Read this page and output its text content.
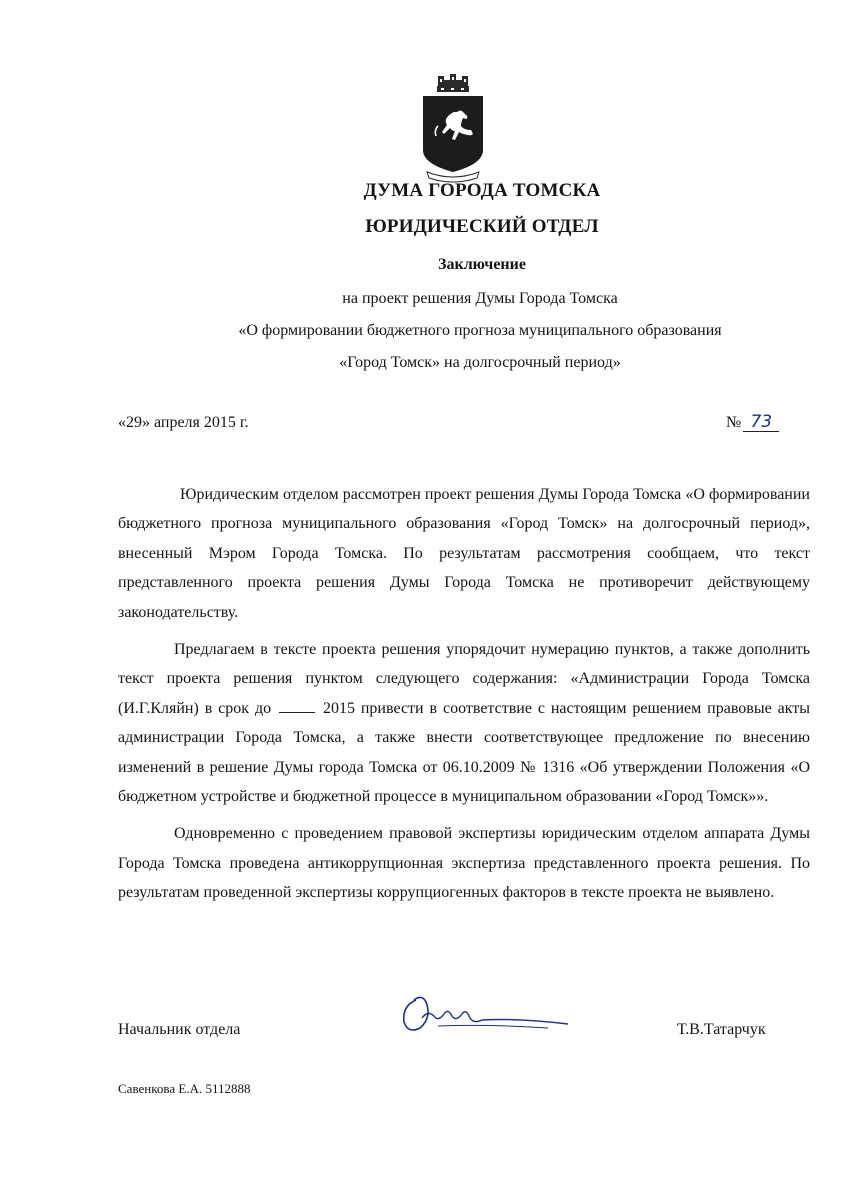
ДУМА ГОРОДА ТОМСКА
ЮРИДИЧЕСКИЙ ОТДЕЛ
Заключение
на проект решения Думы Города Томска
«О формировании бюджетного прогноза муниципального образования
«Город Томск» на долгосрочный период»
«29» апреля 2015 г.	№ 73

Юридическим отделом рассмотрен проект решения Думы Города Томска «О формировании бюджетного прогноза муниципального образования «Город Томск» на долгосрочный период», внесенный Мэром Города Томска. По результатам рассмотрения сообщаем, что текст представленного проекта решения Думы Города Томска не противоречит действующему законодательству.

Предлагаем в тексте проекта решения упорядочит нумерацию пунктов, а также дополнить текст проекта решения пунктом следующего содержания: «Администрации Города Томска (И.Г.Кляйн) в срок до	2015 привести в соответствие с настоящим решением правовые акты администрации Города Томска, а также внести соответствующее предложение по внесению изменений в решение Думы города Томска от 06.10.2009 № 1316 «Об утверждении Положения «О бюджетном устройстве и бюджетной процессе в муниципальном образовании «Город Томск»».

Одновременно с проведением правовой экспертизы юридическим отделом аппарата Думы Города Томска проведена антикоррупционная экспертиза представленного проекта решения. По результатам проведенной экспертизы коррупциогенных факторов в тексте проекта не выявлено.

Начальник отдела	Т.В.Татарчук
Савенкова Е.А. 5112888
